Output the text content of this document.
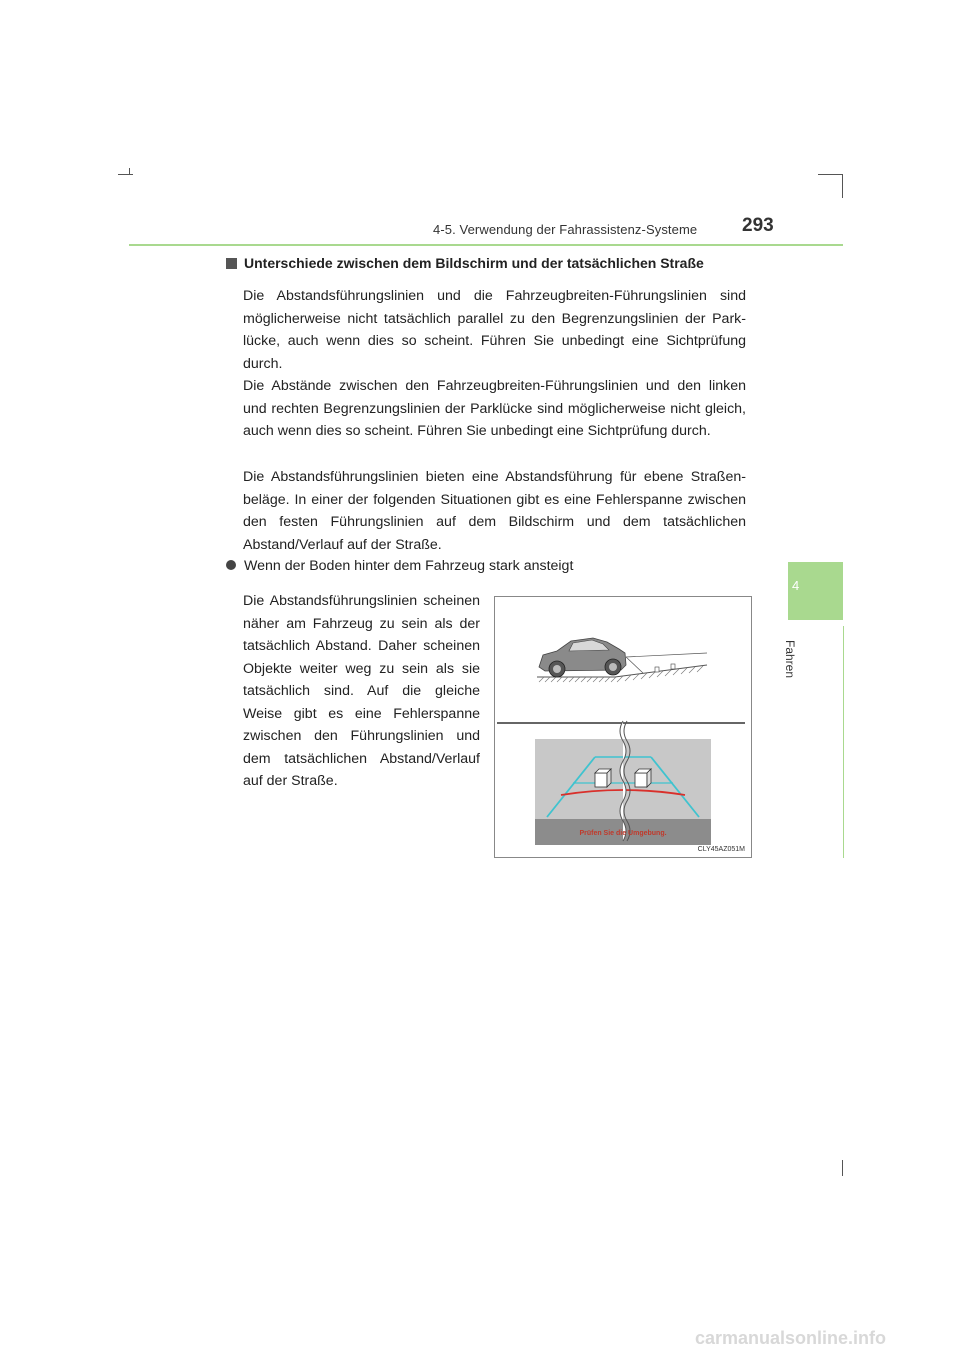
4-5. Verwendung der Fahrassistenz-Systeme 293
4
Fahren
Unterschiede zwischen dem Bildschirm und der tatsächlichen Straße
Die Abstandsführungslinien und die Fahrzeugbreiten-Führungslinien sind möglicherweise nicht tatsächlich parallel zu den Begrenzungslinien der Parklücke, auch wenn dies so scheint. Führen Sie unbedingt eine Sichtprüfung durch.
Die Abstände zwischen den Fahrzeugbreiten-Führungslinien und den linken und rechten Begrenzungslinien der Parklücke sind möglicherweise nicht gleich, auch wenn dies so scheint. Führen Sie unbedingt eine Sichtprüfung durch.
Die Abstandsführungslinien bieten eine Abstandsführung für ebene Straßenbeläge. In einer der folgenden Situationen gibt es eine Fehlerspanne zwischen den festen Führungslinien auf dem Bildschirm und dem tatsächlichen Abstand/Verlauf auf der Straße.
Wenn der Boden hinter dem Fahrzeug stark ansteigt
Die Abstandsführungslinien scheinen näher am Fahrzeug zu sein als der tatsächlich Abstand. Daher scheinen Objekte weiter weg zu sein als sie tatsächlich sind. Auf die gleiche Weise gibt es eine Fehlerspanne zwischen den Führungslinien und dem tatsächlichen Abstand/Verlauf auf der Straße.
Prüfen Sie die Umgebung.
CLY45AZ051M
carmanualsonline.info
